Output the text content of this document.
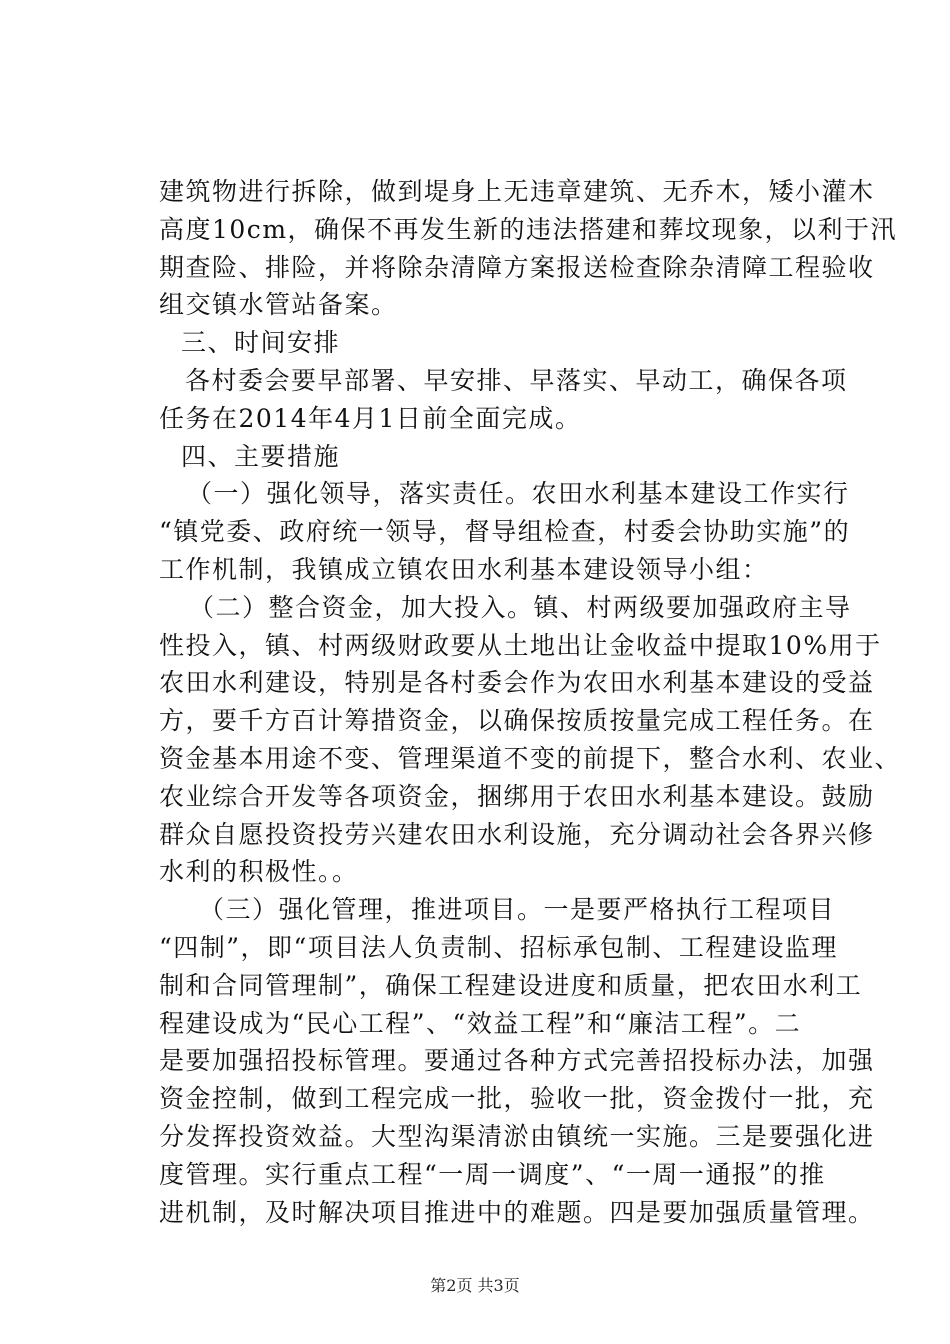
建筑物进行拆除，做到堤身上无违章建筑、无乔木，矮小灌木
高度10cm，确保不再发生新的违法搭建和葬坟现象，以利于汛
期查险、排险，并将除杂清障方案报送检查除杂清障工程验收
组交镇水管站备案。
三、时间安排
各村委会要早部署、早安排、早落实、早动工，确保各项
任务在2014年4月1日前全面完成。
四、主要措施
（一）强化领导，落实责任。农田水利基本建设工作实行
“镇党委、政府统一领导，督导组检查，村委会协助实施”的
工作机制，我镇成立镇农田水利基本建设领导小组：
（二）整合资金，加大投入。镇、村两级要加强政府主导
性投入，镇、村两级财政要从土地出让金收益中提取10%用于
农田水利建设，特别是各村委会作为农田水利基本建设的受益
方，要千方百计筹措资金，以确保按质按量完成工程任务。在
资金基本用途不变、管理渠道不变的前提下，整合水利、农业、
农业综合开发等各项资金，捆绑用于农田水利基本建设。鼓励
群众自愿投资投劳兴建农田水利设施，充分调动社会各界兴修
水利的积极性。。
（三）强化管理，推进项目。一是要严格执行工程项目
“四制”，即“项目法人负责制、招标承包制、工程建设监理
制和合同管理制”，确保工程建设进度和质量，把农田水利工
程建设成为“民心工程”、“效益工程”和“廉洁工程”。二
是要加强招投标管理。要通过各种方式完善招投标办法，加强
资金控制，做到工程完成一批，验收一批，资金拨付一批，充
分发挥投资效益。大型沟渠清淤由镇统一实施。三是要强化进
度管理。实行重点工程“一周一调度”、“一周一通报”的推
进机制，及时解决项目推进中的难题。四是要加强质量管理。
第2页 共3页
